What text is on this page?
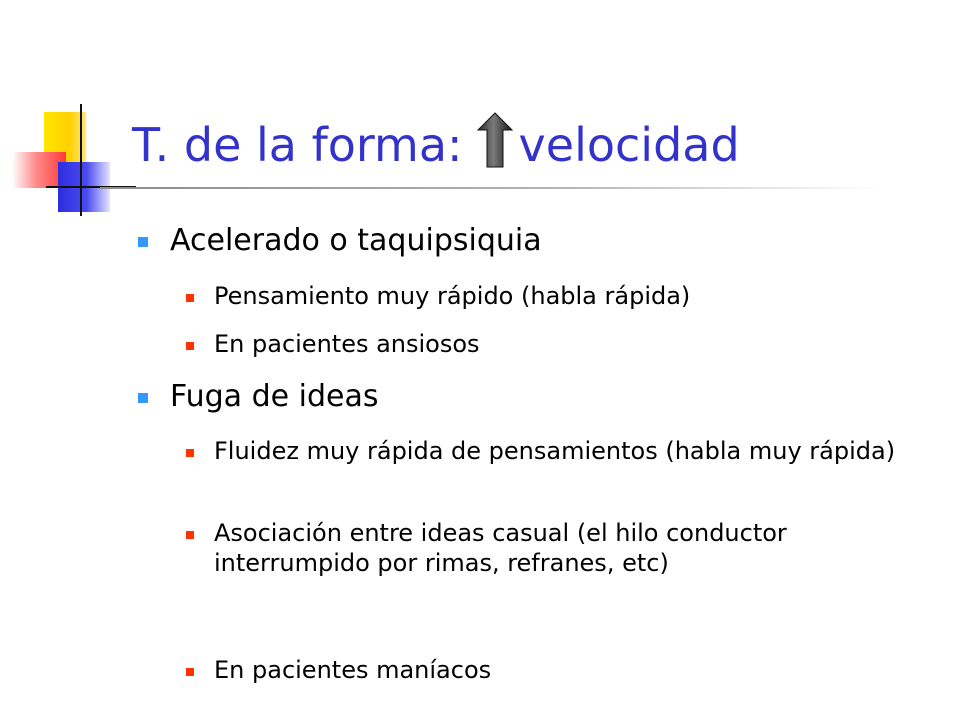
T. de la forma: velocidad
Acelerado o taquipsiquia
Pensamiento muy rápido (habla rápida)
En pacientes ansiosos
Fuga de ideas
Fluidez muy rápida de pensamientos (habla muy rápida)
Asociación entre ideas casual (el hilo conductor interrumpido por rimas, refranes, etc)
En pacientes maníacos
